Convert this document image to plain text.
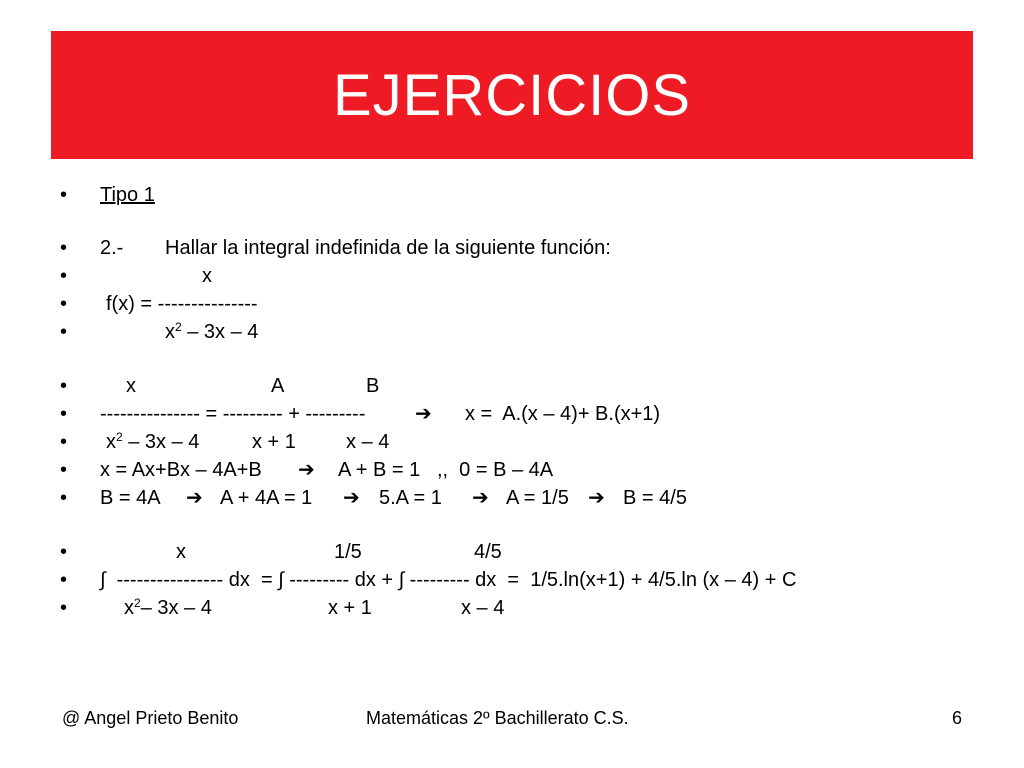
EJERCICIOS
•	Tipo 1
•	2.- Hallar la integral indefinida de la siguiente función:
•	x
•	f(x) = ---------------
•	$x^2 - 3x - 4$
•	x	A	B
•	--------------- = --------- + --------- ➔ x =  A.(x – 4)+ B.(x+1)
•	$x^2 - 3x - 4$	x + 1	x – 4
•	x = Ax+Bx – 4A+B ➔ A + B = 1   ,,  0 = B – 4A
•	B = 4A ➔ A + 4A = 1 ➔ 5.A = 1 ➔ A = 1/5 ➔ B = 4/5
•	x	1/5	4/5
•	∫  ---------------- dx  = ∫ --------- dx + ∫ --------- dx  =  1/5.ln(x+1) + 4/5.ln (x – 4) + C
•	$x^2-$ 3x – 4	x + 1	x – 4
@ Angel Prieto Benito	Matemáticas 2º Bachillerato C.S.	6
